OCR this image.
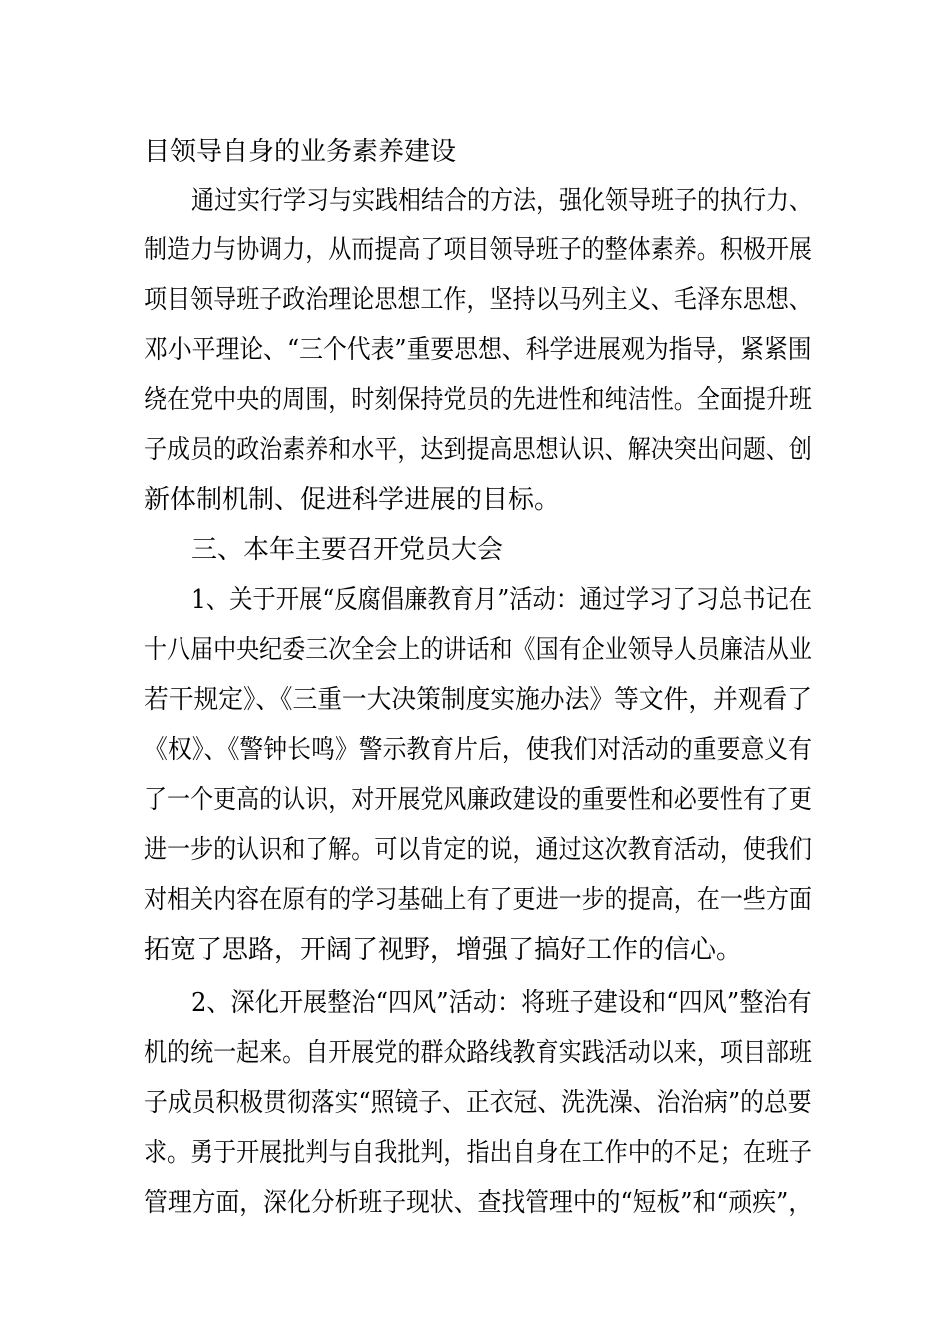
目领导自身的业务素养建设
通过实行学习与实践相结合的方法，强化领导班子的执行力、
制造力与协调力，从而提高了项目领导班子的整体素养。积极开展
项目领导班子政治理论思想工作，坚持以马列主义、毛泽东思想、
邓小平理论、“三个代表”重要思想、科学进展观为指导，紧紧围
绕在党中央的周围，时刻保持党员的先进性和纯洁性。全面提升班
子成员的政治素养和水平，达到提高思想认识、解决突出问题、创
新体制机制、促进科学进展的目标。
三、本年主要召开党员大会
1、关于开展“反腐倡廉教育月”活动：通过学习了习总书记在
十八届中央纪委三次全会上的讲话和《国有企业领导人员廉洁从业
若干规定》、《三重一大决策制度实施办法》等文件，并观看了
《权》、《警钟长鸣》警示教育片后，使我们对活动的重要意义有
了一个更高的认识，对开展党风廉政建设的重要性和必要性有了更
进一步的认识和了解。可以肯定的说，通过这次教育活动，使我们
对相关内容在原有的学习基础上有了更进一步的提高，在一些方面
拓宽了思路，开阔了视野，增强了搞好工作的信心。
2、深化开展整治“四风”活动：将班子建设和“四风”整治有
机的统一起来。自开展党的群众路线教育实践活动以来，项目部班
子成员积极贯彻落实“照镜子、正衣冠、洗洗澡、治治病”的总要
求。勇于开展批判与自我批判，指出自身在工作中的不足；在班子
管理方面，深化分析班子现状、查找管理中的“短板”和“顽疾”，
